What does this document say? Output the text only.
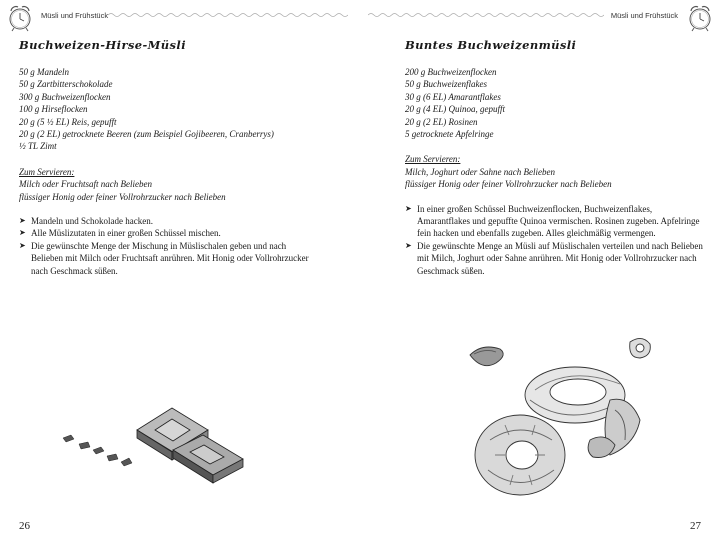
Müsli und Frühstück
Buchweizen-Hirse-Müsli
50 g Mandeln
50 g Zartbitterschokolade
300 g Buchweizenflocken
100 g Hirseflocken
20 g (5 ½ EL) Reis, gepufft
20 g (2 EL) getrocknete Beeren (zum Beispiel Gojibeeren, Cranberrys)
½ TL Zimt
Zum Servieren:
Milch oder Fruchtsaft nach Belieben
flüssiger Honig oder feiner Vollrohrzucker nach Belieben
➤ Mandeln und Schokolade hacken.
➤ Alle Müslizutaten in einer großen Schüssel mischen.
➤ Die gewünschte Menge der Mischung in Müslischalen geben und nach Belieben mit Milch oder Fruchtsaft anrühren. Mit Honig oder Vollrohrzucker nach Geschmack süßen.
26
Müsli und Frühstück
Buntes Buchweizenmüsli
200 g Buchweizenflocken
50 g Buchweizenflakes
30 g (6 EL) Amarantflakes
20 g (4 EL) Quinoa, gepufft
20 g (2 EL) Rosinen
5 getrocknete Apfelringe
Zum Servieren:
Milch, Joghurt oder Sahne nach Belieben
flüssiger Honig oder feiner Vollrohrzucker nach Belieben
➤ In einer großen Schüssel Buchweizenflocken, Buchweizenflakes, Amarantflakes und gepuffte Quinoa vermischen. Rosinen zugeben. Apfelringe fein hacken und ebenfalls zugeben. Alles gleichmäßig vermengen.
➤ Die gewünschte Menge an Müsli auf Müslischalen verteilen und nach Belieben mit Milch, Joghurt oder Sahne anrühren. Mit Honig oder Vollrohrzucker nach Geschmack süßen.
27
